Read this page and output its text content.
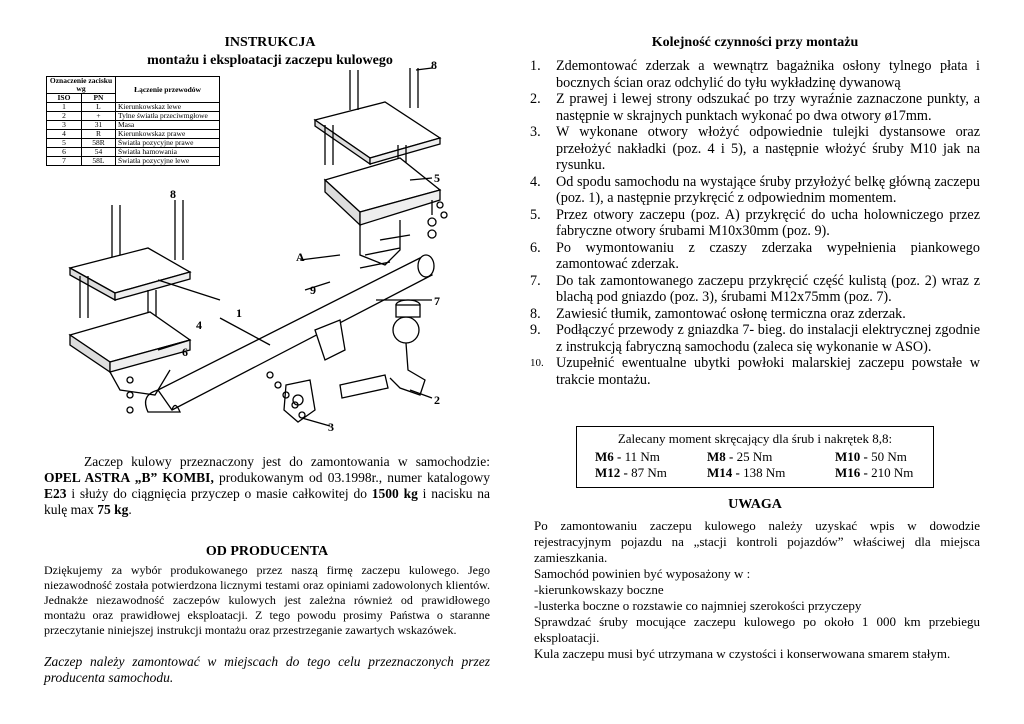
INSTRUKCJA
montażu i eksploatacji zaczepu kulowego
Oznaczenie zacisku wg		Łączenie przewodów
ISO	PN	
1	L	Kierunkowskaz lewe
2	+	Tylne światła przeciwmgłowe
3	31	Masa
4	R	Kierunkowskaz prawe
5	58R	Światła pozycyjne prawe
6	54	Światła hamowania
7	58L	Światła pozycyjne lewe
8
8
5
A
9
1
7
4
6
2
3
Zaczep kulowy przeznaczony jest do zamontowania w samochodzie: OPEL ASTRA „B” KOMBI, produkowanym od 03.1998r., numer katalogowy E23 i służy do ciągnięcia przyczep o masie całkowitej do 1500 kg i nacisku na kulę max 75 kg.
OD PRODUCENTA
Dziękujemy za wybór produkowanego przez naszą firmę zaczepu kulowego. Jego niezawodność została potwierdzona licznymi testami oraz opiniami zadowolonych klientów. Jednakże niezawodność zaczepów kulowych jest zależna również od prawidłowego montażu oraz prawidłowej eksploatacji. Z tego powodu prosimy Państwa o staranne przeczytanie niniejszej instrukcji montażu oraz przestrzeganie zawartych wskazówek.
Zaczep należy zamontować w miejscach do tego celu przeznaczonych przez producenta samochodu.
Kolejność czynności przy montażu
1. Zdemontować zderzak a wewnątrz bagażnika osłony tylnego płata i bocznych ścian oraz odchylić do tyłu wykładzinę dywanową
2. Z prawej i lewej strony odszukać po trzy wyraźnie zaznaczone punkty, a następnie w skrajnych punktach wykonać po dwa otwory ø17mm.
3. W wykonane otwory włożyć odpowiednie tulejki dystansowe oraz przełożyć nakładki (poz. 4 i 5), a następnie włożyć śruby M10 jak na rysunku.
4. Od spodu samochodu na wystające śruby przyłożyć belkę główną zaczepu (poz. 1), a następnie przykręcić z odpowiednim momentem.
5. Przez otwory zaczepu (poz. A) przykręcić do ucha holowniczego przez fabryczne otwory śrubami M10x30mm (poz. 9).
6. Po wymontowaniu z czaszy zderzaka wypełnienia piankowego zamontować zderzak.
7. Do tak zamontowanego zaczepu przykręcić część kulistą (poz. 2) wraz z blachą pod gniazdo (poz. 3), śrubami M12x75mm (poz. 7).
8. Zawiesić tłumik, zamontować osłonę termiczna oraz zderzak.
9. Podłączyć przewody z gniazdka 7- bieg. do instalacji elektrycznej zgodnie z instrukcją fabryczną samochodu (zaleca się wykonanie w ASO).
10. Uzupełnić ewentualne ubytki powłoki malarskiej zaczepu powstałe w trakcie montażu.
Zalecany moment skręcający dla śrub i nakrętek 8,8:
M6 - 11 Nm	M8 - 25 Nm	M10 - 50 Nm
M12 - 87 Nm	M14 - 138 Nm	M16 - 210 Nm
UWAGA
Po zamontowaniu zaczepu kulowego należy uzyskać wpis w dowodzie rejestracyjnym pojazdu na „stacji kontroli pojazdów” właściwej dla miejsca zamieszkania.
Samochód powinien być wyposażony w :
-kierunkowskazy boczne
-lusterka boczne o rozstawie co najmniej szerokości przyczepy
Sprawdzać śruby mocujące zaczepu kulowego po około 1 000 km przebiegu eksploatacji.
Kula zaczepu musi być utrzymana w czystości i konserwowana smarem stałym.
